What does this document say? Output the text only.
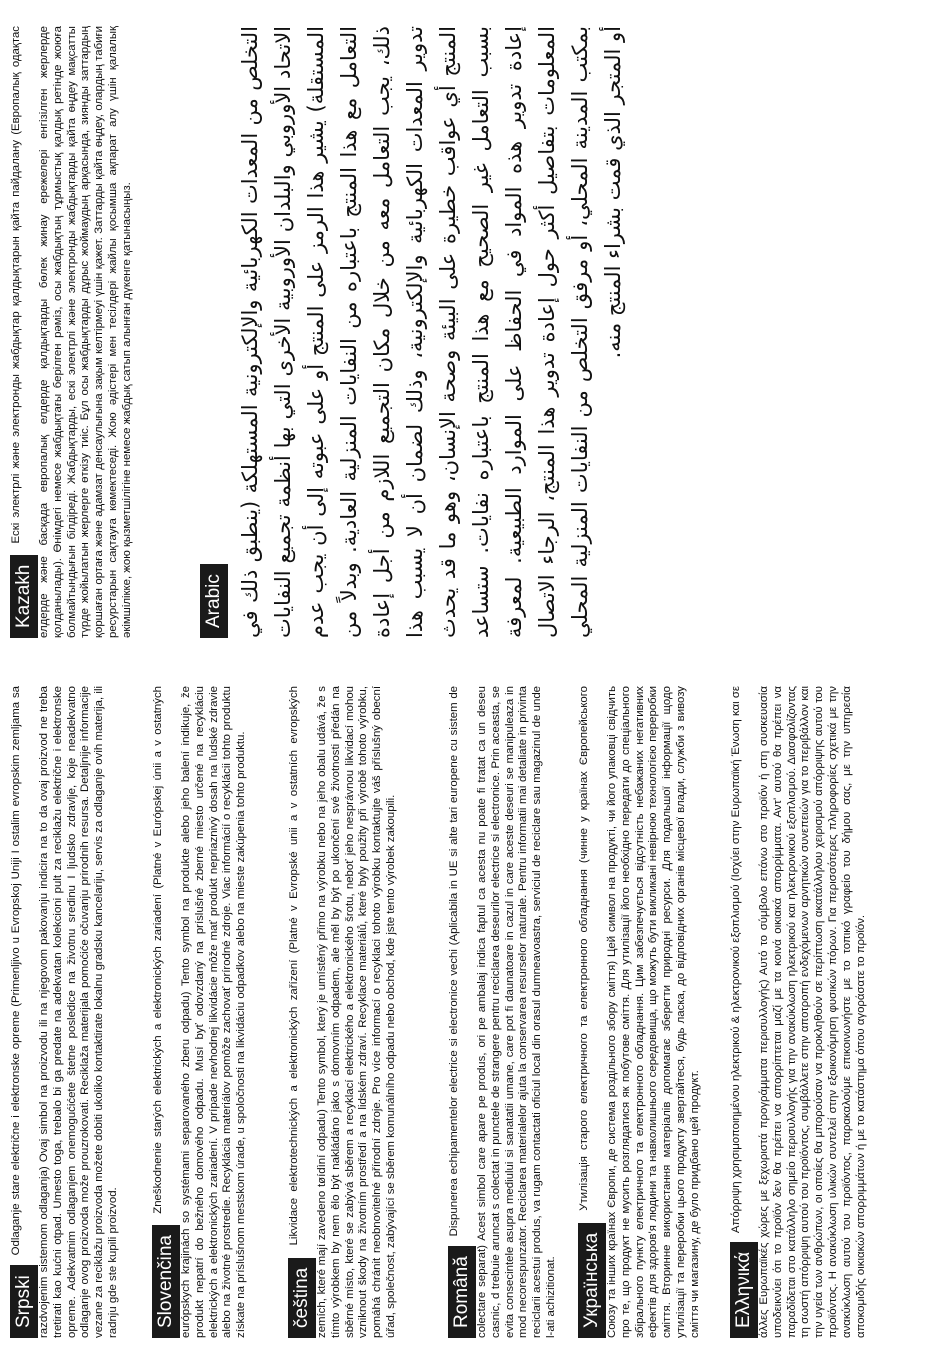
Srpski Odlaganje stare električne i elektronske opreme (Primenljivo u Evropskoj Uniji I ostalim evropskim zemljama sa razdvojenim sistemom odlaganja) Ovaj simbol na proizvodu ili na njegovom pakovanju indicira na to da ovaj proizvod ne treba tretirati kao kućni otpad. Umesto toga, trebalo bi ga predate na adekvatan kolekcioni pult za reciklažu električne i elektronske opreme. Adekvatnim odlaganjem onemogućićete štetne posledice na životnu sredinu I ljudsko zdravlje, koje neadekvatno odlaganje ovog proizvoda može prouzrokovati. Reciklaža materijala pomoćiće očuvanju prirodnih resursa. Detaljnije informacije vezane za reciklažu proizvoda možete dobiti ukoliko kontaktirate lokalnu gradsku kancelariju, servis za odlaganje ovih materija, ili radnju gde ste kupili proizvod. Slovenčina Zneškodnenie starých elektrických a elektronických zariadení (Platné v Európskej únii a v ostatných európskych krajinách so systémami separovaného zberu odpadu) Tento symbol na produkte alebo jeho balení indikuje, že produkt nepatrí do bežného domového odpadu. Musí byť odovzdaný na príslušné zberné miesto určené na recykláciu elektrických a elektronických zariadení. V prípade nevhodnej likvidácie môže mať produkt nepriaznivý dosah na ľudské zdravie alebo na životné prostredie. Recyklácia materiálov pomôže zachovať prírodné zdroje. Viac informácií o recyklácii tohto produktu získate na príslušnom mestskom úrade, u spoločnosti na likvidáciu odpadkov alebo na mieste zakúpenia tohto produktu. čeština Likvidace elektrotechnických a elektronických zařízení (Platné v Evropské unii a v ostatních evropských zemích, které mají zavedeno tøídìní odpadu) Tento symbol, který je umístěný přímo na výrobku nebo na jeho obalu udává, že s tímto výrobkem by nem ělo být nakládáno jako s domovním odpadem, ale měl by být po ukončení své životnosti předán na sběrné místo, které se zabývá sběrem a recyklací elektrického a elektronického šrotu, neboť jeho nesprávnou likvidací mohou vzniknout škody na životním prostředí a na lidském zdraví. Recyklace materiálů, které byly použity při výrobě tohoto výrobku, pomáhá chránit neobnovitelné přírodní zdroje. Pro více informací o recyklaci tohoto výrobku kontaktujte váš příslušný obecní úřad, společnost, zabývající se sběrem komunálního odpadu nebo obchod, kde jste tento výrobek zakoupili.	Română Dispunerea echipamentelor electrice si electronice vechi (Aplicabila in UE si alte tari europene cu sistem de colectare separat) Acest simbol care apare pe produs, ori pe ambalaj indica faptul ca acesta nu poate fi tratat ca un deseu casnic, d trebuie aruncat s colectat in punctele de strangere pentru reciclarea deseurilor electrice si electronice. Prin aceasta, se evita consecintele asupra mediului si sanatatii umane, care pot fi daunatoare in cazul in care aceste deseuri se manipuleaza in mod necorespunzator. Reciclarea materialelor ajuta la conservarea resurselor naturale. Pentru informatii mai detaliate in privinta reciclarii acestui produs, va rugam contactati oficiul local din orasul dumneavoastra, serviciul de reciclare sau magazinul de unde l-ati achizitionat. Українська Утилізація старого електричного та електронного обладнання (чинне у країнах Європейського Союзу та інших країнах Європи, де система роздільного збору сміття) Цей символ на продукті, чи його упаковці свідчить про те, що продукт не мусить розглядатися як побутове сміття. Для утилізації його необхідно передати до спеціального збірального пункту електричного та електронного обладнання. Цим забезпечується відсутність небажаних негативних ефектів для здоров'я людини та навколишнього середовища, що можуть бути викликані невірною технологією переробки сміття. Вторинне використання матеріалів допомагає зберегти природні ресурси. Для подальшої інформації щодо утилізації та переробки цього продукту звертайтеся, будь ласка, до відповідних органів місцевої влади, служби з вивозу сміття чи магазину, де було придбано цей продукт. Ελληνικά Απόρριψη χρησιμοποιημένου ηλεκτρικού & ηλεκτρονικού εξοπλισμού (Ισχύει στην Ευρωπαϊκή Ένωση και σε άλλες Ευρωπαϊκές χώρες με ξεχωριστά προγράμματα περισυλλογής) Αυτό το σύμβολο επάνω στο προϊόν ή στη συσκευασία υποδεικνύει ότι το προϊόν δεν θα πρέπει να απορρίπτεται μαζί με τα κοινά οικιακά απορρίμματα. Αντ' αυτού θα πρέπει να παραδίδεται στο κατάλληλο σημείο περισυλλογής για την ανακύκλωση ηλεκτρικού και ηλεκτρονικού εξοπλισμού. Διασφαλίζοντας τη σωστή απόρριψη αυτού του προϊόντος, συμβάλλετε στην αποτροπή ενδεχόμενων αρνητικών συνεπειών για το περιβάλλον και την υγεία των ανθρώπων, οι οποίες θα μπορούσαν να προκληθούν σε περίπτωση ακατάλληλου χειρισμού απόρριψης αυτού του προϊόντος. Η ανακύκλωση υλικών συντελεί στην εξοικονόμηση φυσικών πόρων. Για περισσότερες πληροφορίες σχετικά με την ανακύκλωση αυτού του προϊόντος, παρακαλούμε επικοινωνήστε με το τοπικό γραφείο του δήμου σας, με την υπηρεσία αποκομιδής οικιακών απορριμμάτων ή με το κατάστημα όπου αγοράσατε το προϊόν.
Kazakh Ескі электрлі және электронды жабдықтар қалдықтарын қайта пайдалану (Европалық одақтас елдерде және басқада европалық елдерде қалдықтарды бөлек жинау ережелері енгізілген жерлерде қолданылады). Өнімдегі немесе жабдықтағы берілген рәміз, осы жабдықтың тұрмыстық қалдық ретінде жоюға болмайтындығын білдіреді. Жабдықтарды, ескі электрлі және электронды жабдықтарды қайта өңдеу мақсатты түрде жойылатын жерлерге өткізу тиіс. Бұл осы жабдықтарды дұрыс жоймаудың арқасында, зиянды заттардың қоршаған ортаға және адамзат денсаулығына зақым келтірмеуі үшін қажет. Заттарды қайта өңдеу, олардың табиғи ресурстарын сақтауға көмектеседі. Жою әдістері мен тесілдері жайлы қосымша ақпарат алу үшін қалалық әкімшілікке, жою қызметшілігіне немесе жабдық сатып алынған дүкенге қатынасыңыз.	Arabic التخلص من المعدات الكهربائية والإلكترونية المستهلكة (ينطبق ذلك في الاتحاد الأوروبي والبلدان الأوروبية الأخرى التي بها أنظمة تجميع النفايات المستقلة) يشير هذا الرمز على المنتج أو على عبوته إلى أن يجب عدم التعامل مع هذا المنتج باعتباره من النفايات المنزلية العادية. وبدلاً من ذلك، يجب التعامل معه من خلال مكان التجميع اللازم من أجل إعادة تدوير المعدات الكهربائية والإلكترونية، وذلك لضمان أن لا يسبب هذا المنتج أي عواقب خطيرة على البيئة وصحة الإنسان، وهو ما قد يحدث بسبب التعامل غير الصحيح مع هذا المنتج باعتباره نفايات. ستساعد إعادة تدوير هذه المواد في الحفاظ على الموارد الطبيعية. لمعرفة المعلومات بتفاصيل أكثر حول إعادة تدوير هذا المنتج، الرجاء الاتصال بمكتب المدينة المحلي، أو مرفق التخلص من النفايات المنزلية المحلي أو المتجر الذي قمت بشراء المنتج منه.
